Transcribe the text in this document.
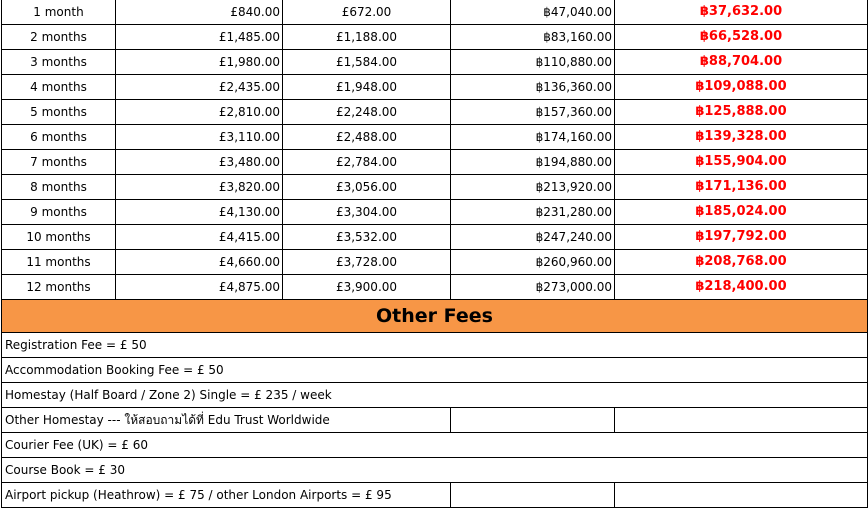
1 month	£840.00	£672.00	฿47,040.00	฿37,632.00
2 months	£1,485.00	£1,188.00	฿83,160.00	฿66,528.00
3 months	£1,980.00	£1,584.00	฿110,880.00	฿88,704.00
4 months	£2,435.00	£1,948.00	฿136,360.00	฿109,088.00
5 months	£2,810.00	£2,248.00	฿157,360.00	฿125,888.00
6 months	£3,110.00	£2,488.00	฿174,160.00	฿139,328.00
7 months	£3,480.00	£2,784.00	฿194,880.00	฿155,904.00
8 months	£3,820.00	£3,056.00	฿213,920.00	฿171,136.00
9 months	£4,130.00	£3,304.00	฿231,280.00	฿185,024.00
10 months	£4,415.00	£3,532.00	฿247,240.00	฿197,792.00
11 months	£4,660.00	£3,728.00	฿260,960.00	฿208,768.00
12 months	£4,875.00	£3,900.00	฿273,000.00	฿218,400.00
Other Fees				
Registration Fee = £ 50				
Accommodation Booking Fee = £ 50				
Homestay (Half Board / Zone 2) Single = £ 235 / week				
Other Homestay --- ให้สอบถามได้ที่ Edu Trust Worldwide				
Courier Fee (UK) = £ 60				
Course Book = £ 30				
Airport pickup (Heathrow) = £ 75 / other London Airports = £ 95				
